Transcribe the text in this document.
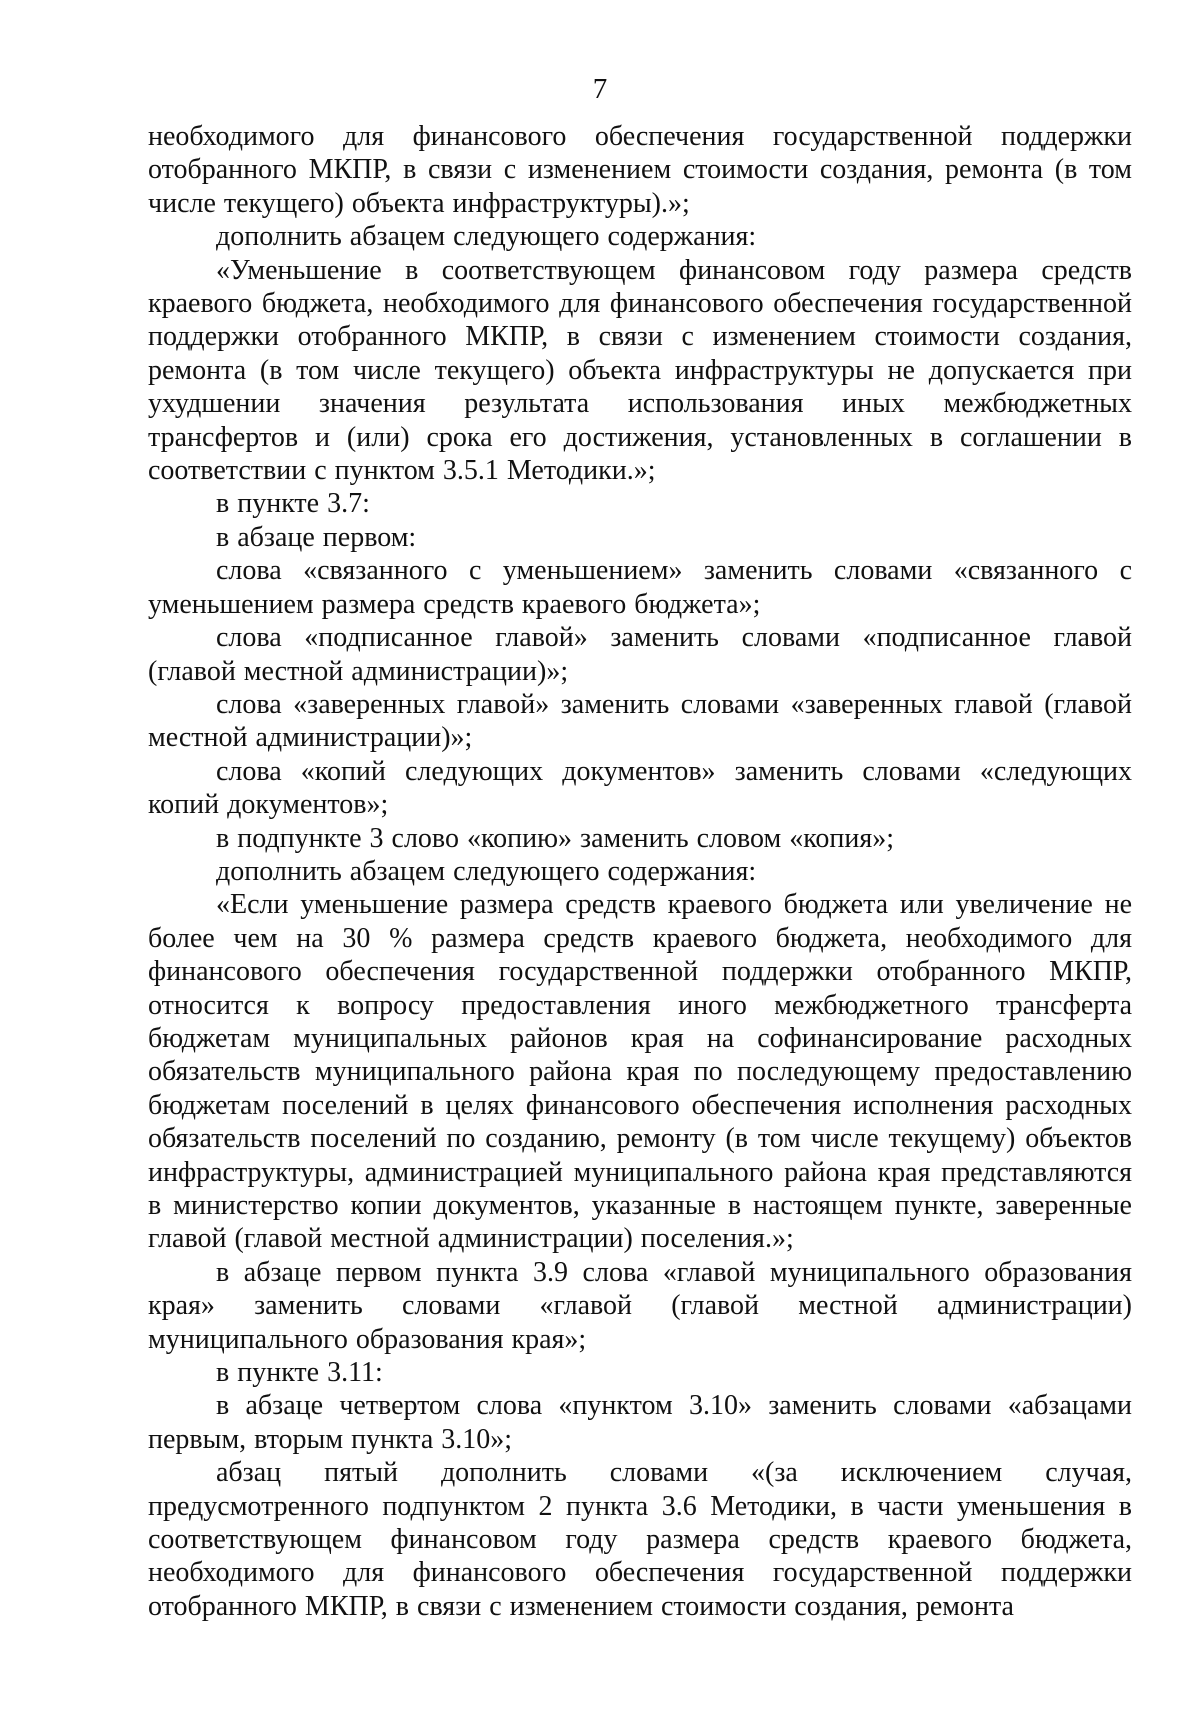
7

необходимого для финансового обеспечения государственной поддержки отобранного МКПР, в связи с изменением стоимости создания, ремонта (в том числе текущего) объекта инфраструктуры).»;

дополнить абзацем следующего содержания:

«Уменьшение в соответствующем финансовом году размера средств краевого бюджета, необходимого для финансового обеспечения государственной поддержки отобранного МКПР, в связи с изменением стоимости создания, ремонта (в том числе текущего) объекта инфраструктуры не допускается при ухудшении значения результата использования иных межбюджетных трансфертов и (или) срока его достижения, установленных в соглашении в соответствии с пунктом 3.5.1 Методики.»;

в пункте 3.7:

в абзаце первом:

слова «связанного с уменьшением» заменить словами «связанного с уменьшением размера средств краевого бюджета»;

слова «подписанное главой» заменить словами «подписанное главой (главой местной администрации)»;

слова «заверенных главой» заменить словами «заверенных главой (главой местной администрации)»;

слова «копий следующих документов» заменить словами «следующих копий документов»;

в подпункте 3 слово «копию» заменить словом «копия»;

дополнить абзацем следующего содержания:

«Если уменьшение размера средств краевого бюджета или увеличение не более чем на 30 % размера средств краевого бюджета, необходимого для финансового обеспечения государственной поддержки отобранного МКПР, относится к вопросу предоставления иного межбюджетного трансферта бюджетам муниципальных районов края на софинансирование расходных обязательств муниципального района края по последующему предоставлению бюджетам поселений в целях финансового обеспечения исполнения расходных обязательств поселений по созданию, ремонту (в том числе текущему) объектов инфраструктуры, администрацией муниципального района края представляются в министерство копии документов, указанные в настоящем пункте, заверенные главой (главой местной администрации) поселения.»;

в абзаце первом пункта 3.9 слова «главой муниципального образования края» заменить словами «главой (главой местной администрации) муниципального образования края»;

в пункте 3.11:

в абзаце четвертом слова «пунктом 3.10» заменить словами «абзацами первым, вторым пункта 3.10»;

абзац пятый дополнить словами «(за исключением случая, предусмотренного подпунктом 2 пункта 3.6 Методики, в части уменьшения в соответствующем финансовом году размера средств краевого бюджета, необходимого для финансового обеспечения государственной поддержки отобранного МКПР, в связи с изменением стоимости создания, ремонта
